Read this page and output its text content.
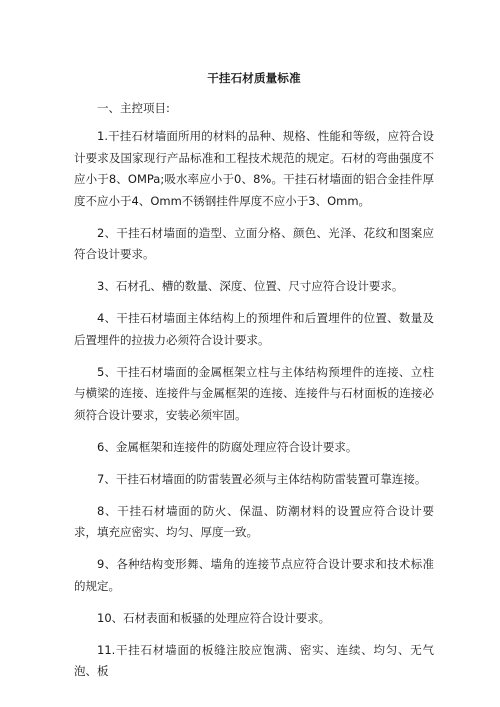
干挂石材质量标准
一、主控项目:

1.干挂石材墙面所用的材料的品种、规格、性能和等级，应符合设计要求及国家现行产品标准和工程技术规范的规定。石材的弯曲强度不应小于8、OMPa;吸水率应小于0、8%。干挂石材墙面的铝合金挂件厚度不应小于4、Omm不锈钢挂件厚度不应小于3、Omm。

2、干挂石材墙面的造型、立面分格、颜色、光泽、花纹和图案应符合设计要求。

3、石材孔、槽的数量、深度、位置、尺寸应符合设计要求。

4、干挂石材墙面主体结构上的预埋件和后置埋件的位置、数量及后置埋件的拉拔力必须符合设计要求。

5、干挂石材墙面的金属框架立柱与主体结构预埋件的连接、立柱与横梁的连接、连接件与金属框架的连接、连接件与石材面板的连接必须符合设计要求，安装必须牢固。

6、金属框架和连接件的防腐处理应符合设计要求。

7、干挂石材墙面的防雷装置必须与主体结构防雷装置可靠连接。

8、干挂石材墙面的防火、保温、防潮材料的设置应符合设计要求，填充应密实、均匀、厚度一致。

9、各种结构变形舞、墙角的连接节点应符合设计要求和技术标准的规定。

10、石材表面和板骚的处理应符合设计要求。

11.干挂石材墙面的板缝注胶应饱满、密实、连续、均匀、无气泡、板
